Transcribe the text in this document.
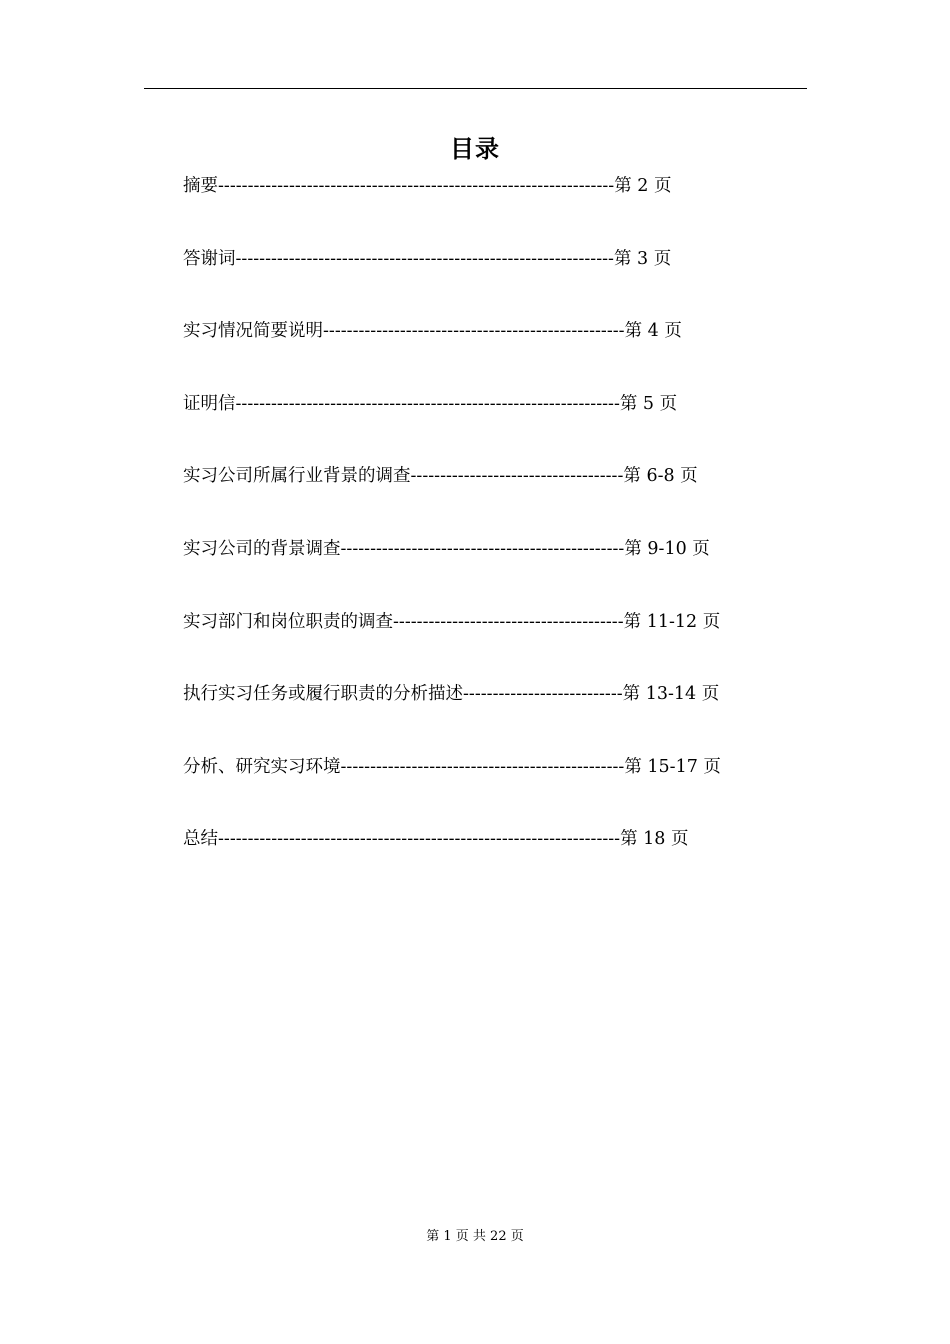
目录
摘要-------------------------------------------------------------------第 2 页
答谢词----------------------------------------------------------------第 3 页
实习情况简要说明---------------------------------------------------第 4 页
证明信-----------------------------------------------------------------第 5 页
实习公司所属行业背景的调查------------------------------------第 6-8 页
实习公司的背景调查------------------------------------------------第 9-10 页
实习部门和岗位职责的调查---------------------------------------第 11-12 页
执行实习任务或履行职责的分析描述---------------------------第 13-14 页
分析、研究实习环境------------------------------------------------第 15-17 页
总结--------------------------------------------------------------------第 18 页
第 1 页 共 22 页
